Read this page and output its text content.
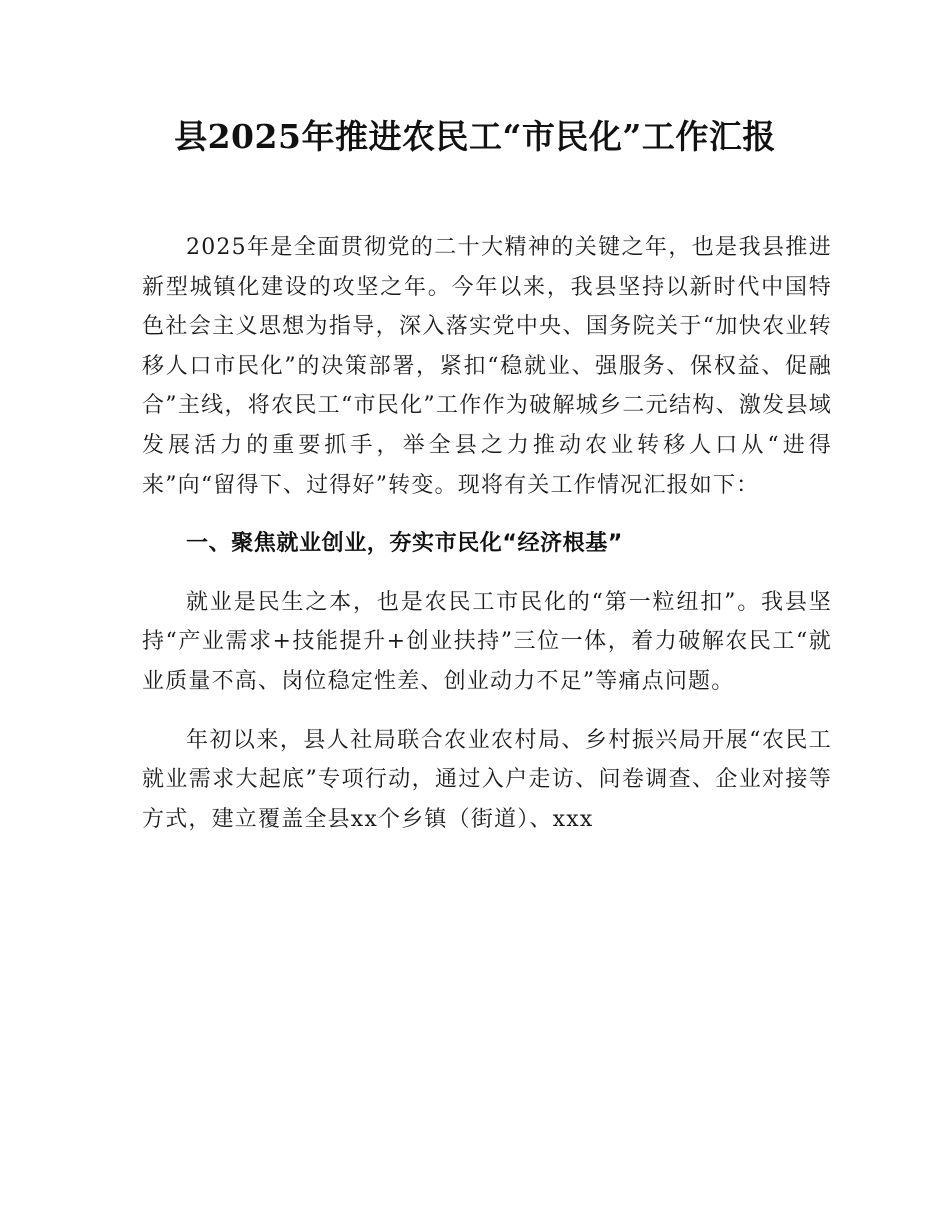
县2025年推进农民工“市民化”工作汇报

2025年是全面贯彻党的二十大精神的关键之年，也是我县推进新型城镇化建设的攻坚之年。今年以来，我县坚持以新时代中国特色社会主义思想为指导，深入落实党中央、国务院关于“加快农业转移人口市民化”的决策部署，紧扣“稳就业、强服务、保权益、促融合”主线，将农民工“市民化”工作作为破解城乡二元结构、激发县域发展活力的重要抓手，举全县之力推动农业转移人口从“进得来”向“留得下、过得好”转变。现将有关工作情况汇报如下：

一、聚焦就业创业，夯实市民化“经济根基”

就业是民生之本，也是农民工市民化的“第一粒纽扣”。我县坚持“产业需求+技能提升+创业扶持”三位一体，着力破解农民工“就业质量不高、岗位稳定性差、创业动力不足”等痛点问题。

年初以来，县人社局联合农业农村局、乡村振兴局开展“农民工就业需求大起底”专项行动，通过入户走访、问卷调查、企业对接等方式，建立覆盖全县xx个乡镇（街道）、xxx
